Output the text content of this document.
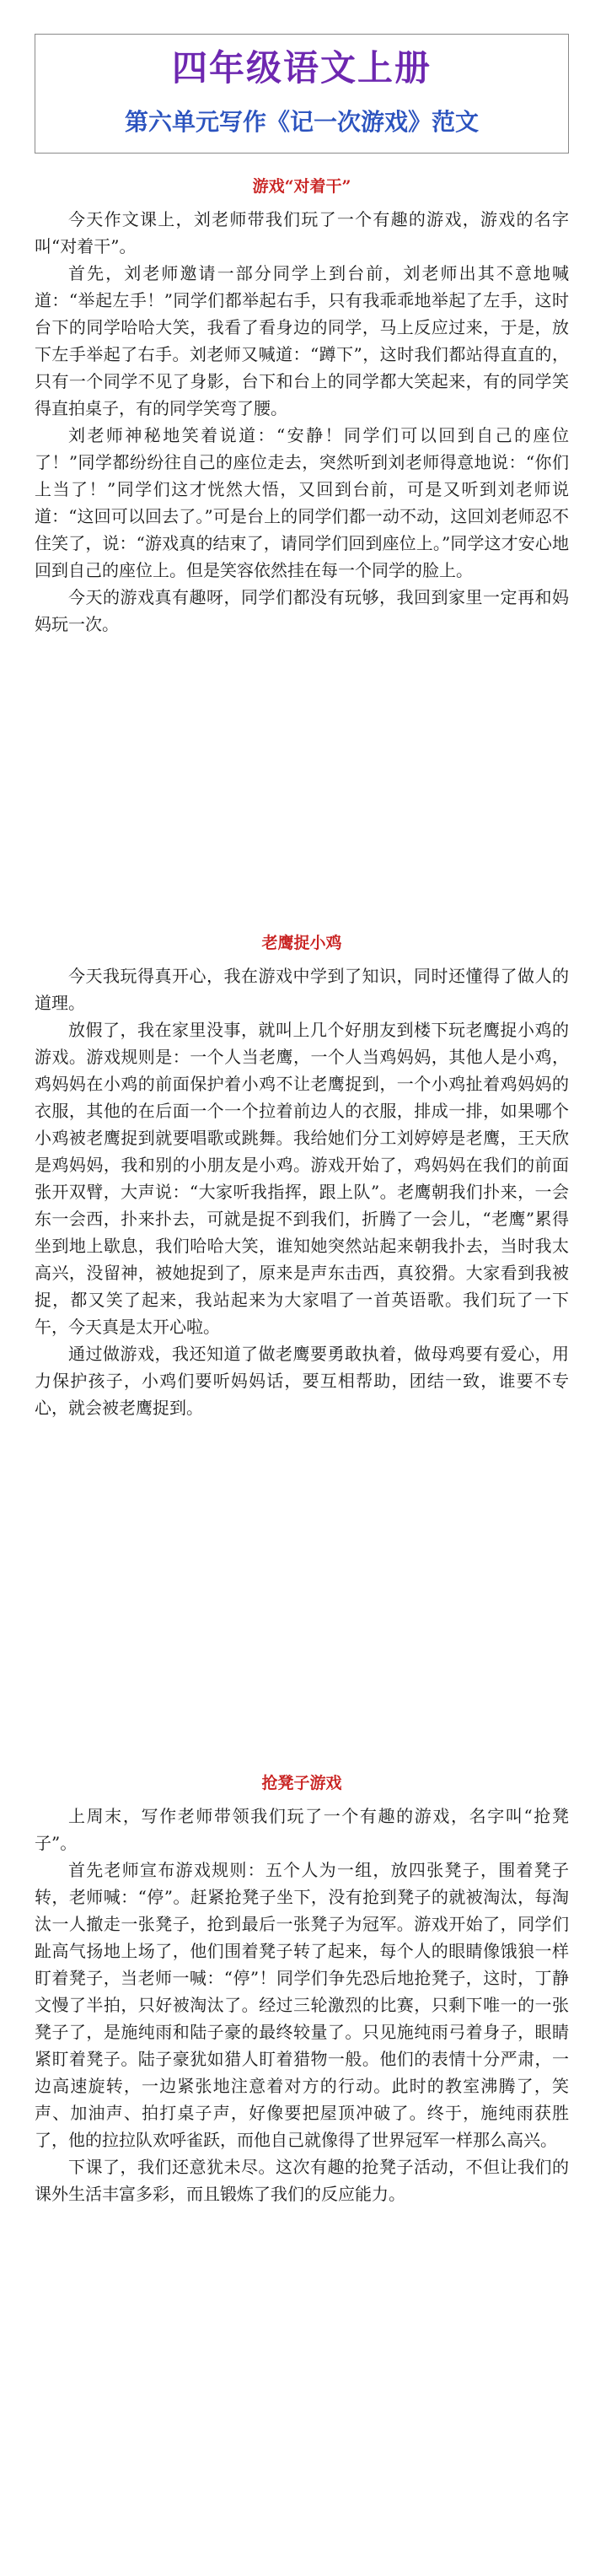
四年级语文上册
第六单元写作《记一次游戏》范文
游戏“对着干”

今天作文课上，刘老师带我们玩了一个有趣的游戏，游戏的名字叫“对着干”。

首先，刘老师邀请一部分同学上到台前，刘老师出其不意地喊道：“举起左手！”同学们都举起右手，只有我乖乖地举起了左手，这时台下的同学哈哈大笑，我看了看身边的同学，马上反应过来，于是，放下左手举起了右手。刘老师又喊道：“蹲下”，这时我们都站得直直的，只有一个同学不见了身影，台下和台上的同学都大笑起来，有的同学笑得直拍桌子，有的同学笑弯了腰。

刘老师神秘地笑着说道：“安静！同学们可以回到自己的座位了！”同学都纷纷往自己的座位走去，突然听到刘老师得意地说：“你们上当了！”同学们这才恍然大悟，又回到台前，可是又听到刘老师说道：“这回可以回去了。”可是台上的同学们都一动不动，这回刘老师忍不住笑了，说：“游戏真的结束了，请同学们回到座位上。”同学这才安心地回到自己的座位上。但是笑容依然挂在每一个同学的脸上。

今天的游戏真有趣呀，同学们都没有玩够，我回到家里一定再和妈妈玩一次。

老鹰捉小鸡

今天我玩得真开心，我在游戏中学到了知识，同时还懂得了做人的道理。

放假了，我在家里没事，就叫上几个好朋友到楼下玩老鹰捉小鸡的游戏。游戏规则是：一个人当老鹰，一个人当鸡妈妈，其他人是小鸡，鸡妈妈在小鸡的前面保护着小鸡不让老鹰捉到，一个小鸡扯着鸡妈妈的衣服，其他的在后面一个一个拉着前边人的衣服，排成一排，如果哪个小鸡被老鹰捉到就要唱歌或跳舞。我给她们分工刘婷婷是老鹰，王天欣是鸡妈妈，我和别的小朋友是小鸡。游戏开始了，鸡妈妈在我们的前面张开双臂，大声说：“大家听我指挥，跟上队”。老鹰朝我们扑来，一会东一会西，扑来扑去，可就是捉不到我们，折腾了一会儿，“老鹰”累得坐到地上歇息，我们哈哈大笑，谁知她突然站起来朝我扑去，当时我太高兴，没留神，被她捉到了，原来是声东击西，真狡猾。大家看到我被捉，都又笑了起来，我站起来为大家唱了一首英语歌。我们玩了一下午，今天真是太开心啦。

通过做游戏，我还知道了做老鹰要勇敢执着，做母鸡要有爱心，用力保护孩子，小鸡们要听妈妈话，要互相帮助，团结一致，谁要不专心，就会被老鹰捉到。

抢凳子游戏

上周末，写作老师带领我们玩了一个有趣的游戏，名字叫“抢凳子”。

首先老师宣布游戏规则：五个人为一组，放四张凳子，围着凳子转，老师喊：“停”。赶紧抢凳子坐下，没有抢到凳子的就被淘汰，每淘汰一人撤走一张凳子，抢到最后一张凳子为冠军。游戏开始了，同学们趾高气扬地上场了，他们围着凳子转了起来，每个人的眼睛像饿狼一样盯着凳子，当老师一喊：“停”！同学们争先恐后地抢凳子，这时，丁静文慢了半拍，只好被淘汰了。经过三轮激烈的比赛，只剩下唯一的一张凳子了，是施纯雨和陆子豪的最终较量了。只见施纯雨弓着身子，眼睛紧盯着凳子。陆子豪犹如猎人盯着猎物一般。他们的表情十分严肃，一边高速旋转，一边紧张地注意着对方的行动。此时的教室沸腾了，笑声、加油声、拍打桌子声，好像要把屋顶冲破了。终于，施纯雨获胜了，他的拉拉队欢呼雀跃，而他自己就像得了世界冠军一样那么高兴。

下课了，我们还意犹未尽。这次有趣的抢凳子活动，不但让我们的课外生活丰富多彩，而且锻炼了我们的反应能力。
